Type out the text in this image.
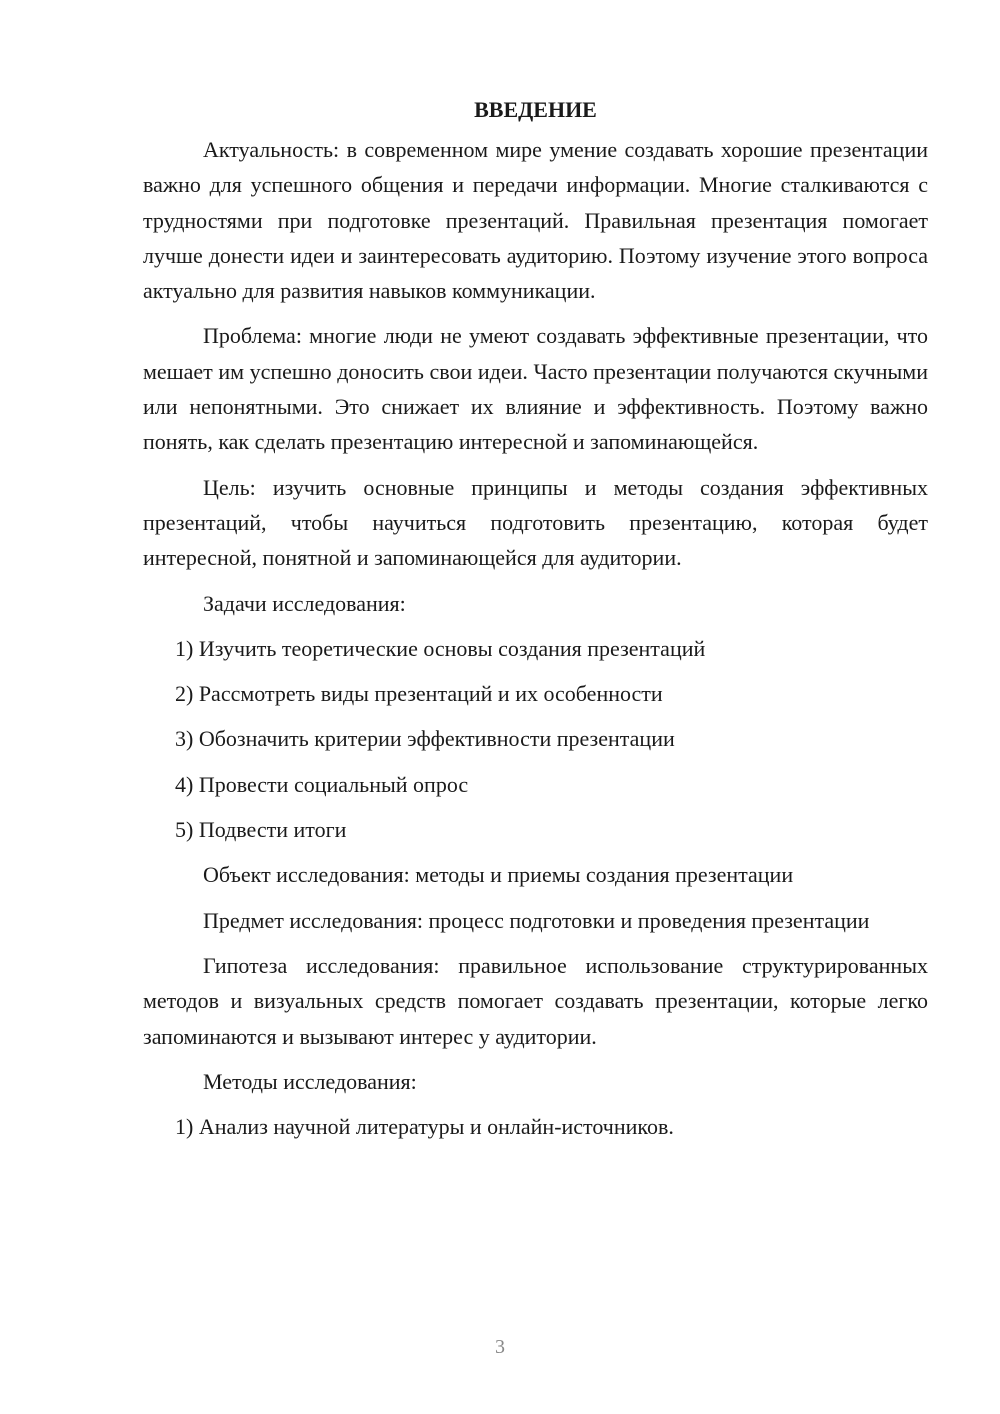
ВВЕДЕНИЕ

Актуальность: в современном мире умение создавать хорошие презентации важно для успешного общения и передачи информации. Многие сталкиваются с трудностями при подготовке презентаций. Правильная презентация помогает лучше донести идеи и заинтересовать аудиторию. Поэтому изучение этого вопроса актуально для развития навыков коммуникации.

Проблема: многие люди не умеют создавать эффективные презентации, что мешает им успешно доносить свои идеи. Часто презентации получаются скучными или непонятными. Это снижает их влияние и эффективность. Поэтому важно понять, как сделать презентацию интересной и запоминающейся.

Цель: изучить основные принципы и методы создания эффективных презентаций, чтобы научиться подготовить презентацию, которая будет интересной, понятной и запоминающейся для аудитории.

Задачи исследования:

1) Изучить теоретические основы создания презентаций

2) Рассмотреть виды презентаций и их особенности

3) Обозначить критерии эффективности презентации

4) Провести социальный опрос

5) Подвести итоги

Объект исследования: методы и приемы создания презентации

Предмет исследования: процесс подготовки и проведения презентации

Гипотеза исследования: правильное использование структурированных методов и визуальных средств помогает создавать презентации, которые легко запоминаются и вызывают интерес у аудитории.

Методы исследования:

1) Анализ научной литературы и онлайн-источников.

3
